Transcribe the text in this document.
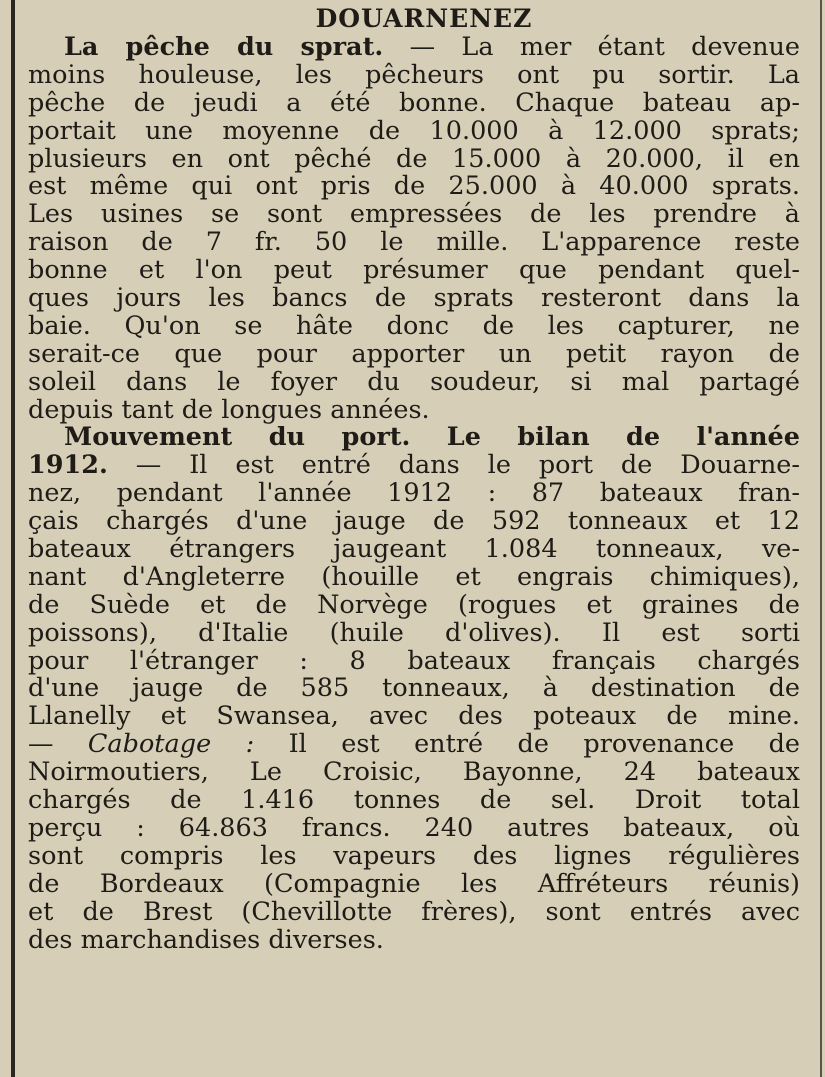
DOUARNENEZ
La pêche du sprat. — La mer étant devenue
moins houleuse, les pêcheurs ont pu sortir. La
pêche de jeudi a été bonne. Chaque bateau ap-
portait une moyenne de 10.000 à 12.000 sprats;
plusieurs en ont pêché de 15.000 à 20.000, il en
est même qui ont pris de 25.000 à 40.000 sprats.
Les usines se sont empressées de les prendre à
raison de 7 fr. 50 le mille. L'apparence reste
bonne et l'on peut présumer que pendant quel-
ques jours les bancs de sprats resteront dans la
baie. Qu'on se hâte donc de les capturer, ne
serait-ce que pour apporter un petit rayon de
soleil dans le foyer du soudeur, si mal partagé
depuis tant de longues années.
Mouvement du port. Le bilan de l'année
1912. — Il est entré dans le port de Douarne-
nez, pendant l'année 1912 : 87 bateaux fran-
çais chargés d'une jauge de 592 tonneaux et 12
bateaux étrangers jaugeant 1.084 tonneaux, ve-
nant d'Angleterre (houille et engrais chimiques),
de Suède et de Norvège (rogues et graines de
poissons), d'Italie (huile d'olives). Il est sorti
pour l'étranger : 8 bateaux français chargés
d'une jauge de 585 tonneaux, à destination de
Llanelly et Swansea, avec des poteaux de mine.
— Cabotage : Il est entré de provenance de
Noirmoutiers, Le Croisic, Bayonne, 24 bateaux
chargés de 1.416 tonnes de sel. Droit total
perçu : 64.863 francs. 240 autres bateaux, où
sont compris les vapeurs des lignes régulières
de Bordeaux (Compagnie les Affréteurs réunis)
et de Brest (Chevillotte frères), sont entrés avec
des marchandises diverses.
